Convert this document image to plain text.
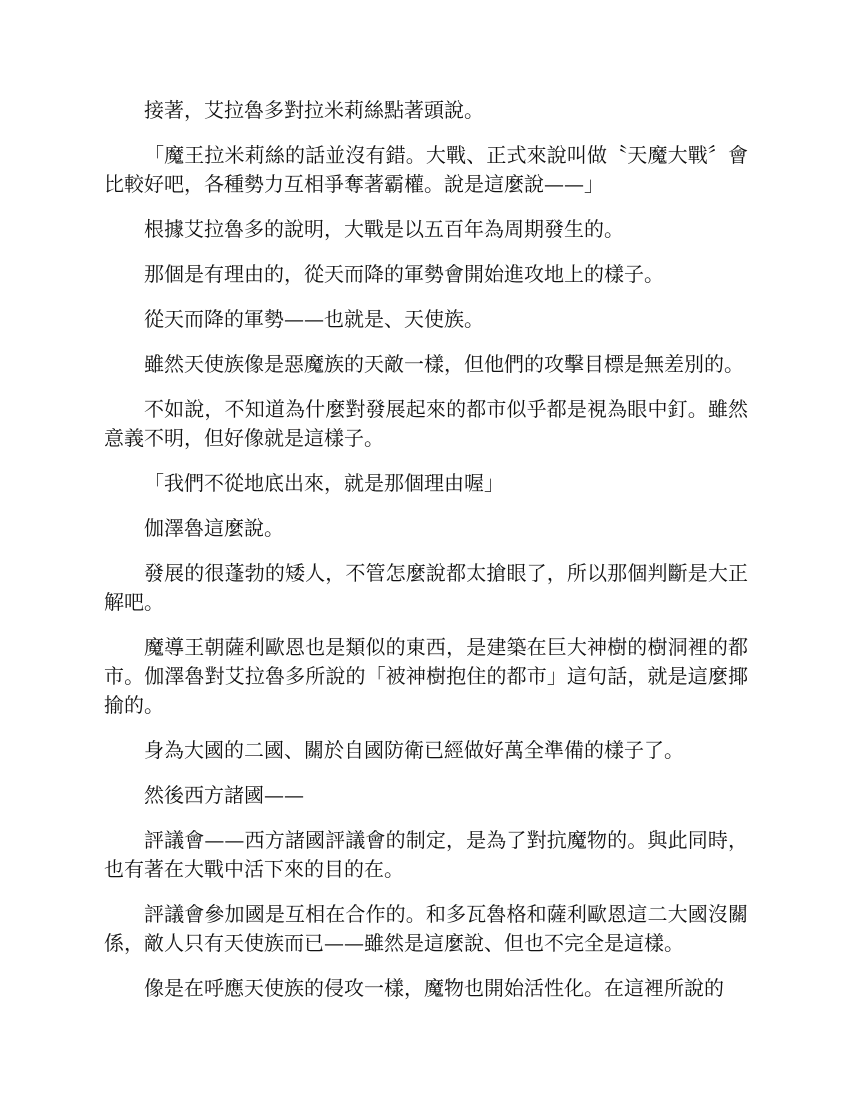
接著，艾拉魯多對拉米莉絲點著頭說。

「魔王拉米莉絲的話並沒有錯。大戰、正式來說叫做〝天魔大戰〞會比較好吧，各種勢力互相爭奪著霸權。說是這麼說——」

根據艾拉魯多的說明，大戰是以五百年為周期發生的。

那個是有理由的，從天而降的軍勢會開始進攻地上的樣子。

從天而降的軍勢——也就是、天使族。

雖然天使族像是惡魔族的天敵一樣，但他們的攻擊目標是無差別的。

不如說，不知道為什麼對發展起來的都市似乎都是視為眼中釘。雖然意義不明，但好像就是這樣子。

「我們不從地底出來，就是那個理由喔」

伽澤魯這麼說。

發展的很蓬勃的矮人，不管怎麼說都太搶眼了，所以那個判斷是大正解吧。

魔導王朝薩利歐恩也是類似的東西，是建築在巨大神樹的樹洞裡的都市。伽澤魯對艾拉魯多所說的「被神樹抱住的都市」這句話，就是這麼揶揄的。

身為大國的二國、關於自國防衛已經做好萬全準備的樣子了。

然後西方諸國——

評議會——西方諸國評議會的制定，是為了對抗魔物的。與此同時，也有著在大戰中活下來的目的在。

評議會參加國是互相在合作的。和多瓦魯格和薩利歐恩這二大國沒關係，敵人只有天使族而已——雖然是這麼說、但也不完全是這樣。

像是在呼應天使族的侵攻一樣，魔物也開始活性化。在這裡所說的
